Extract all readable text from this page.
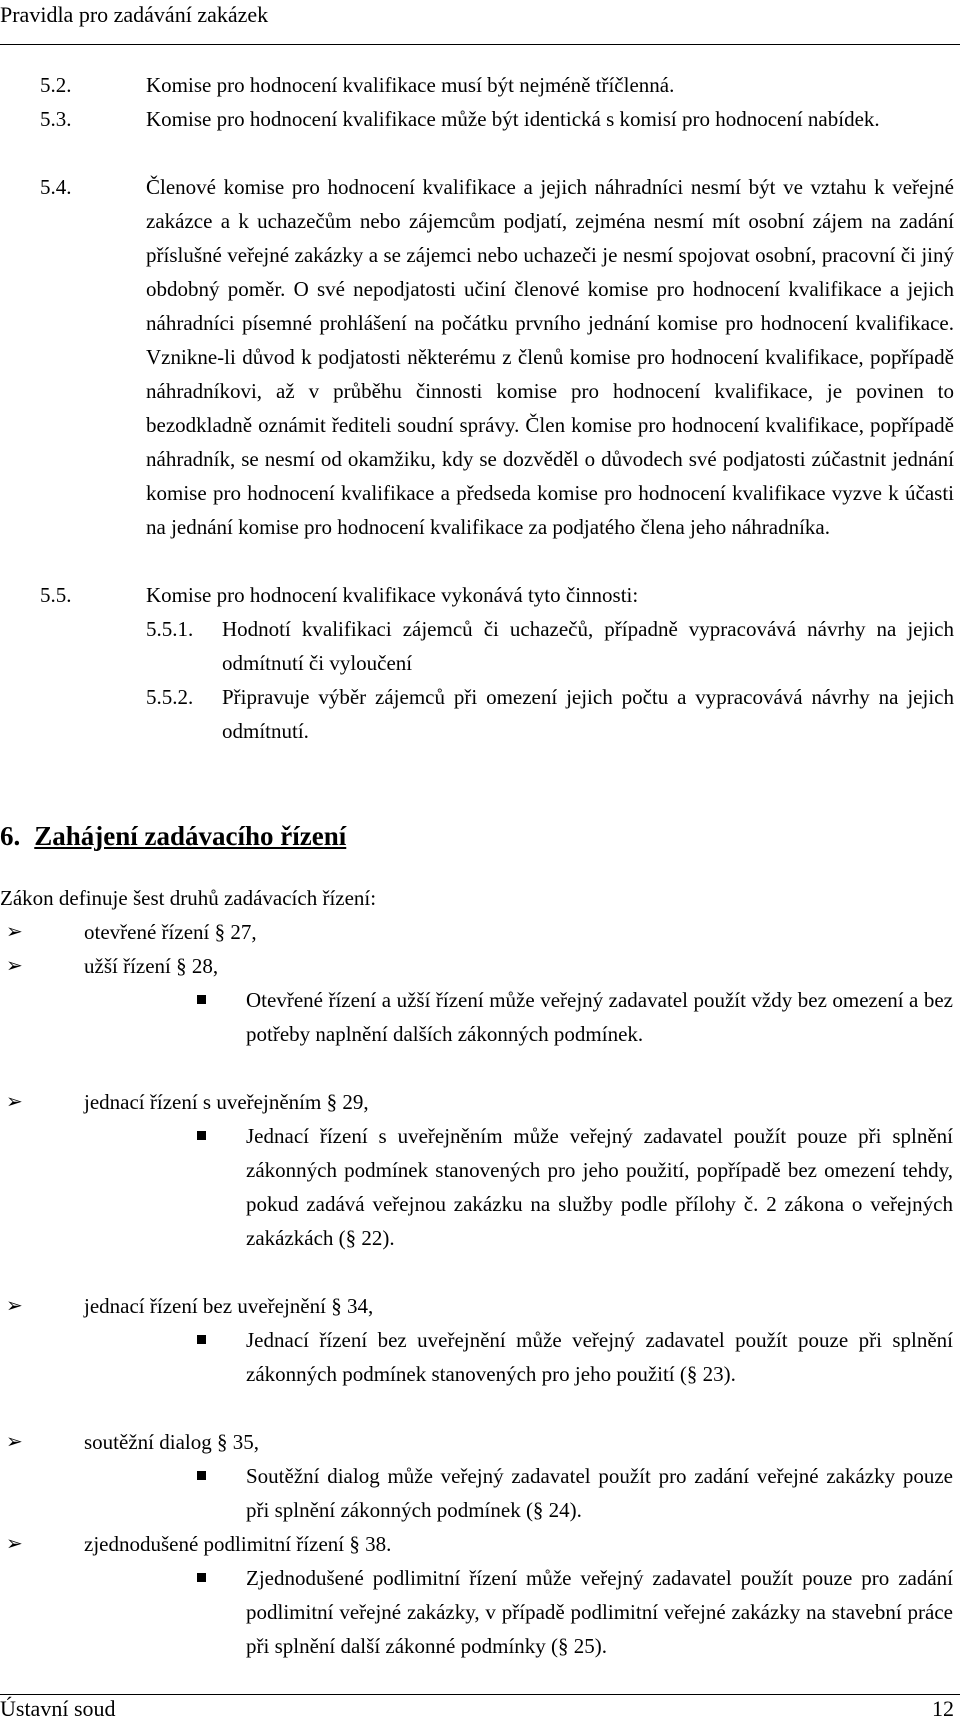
Pravidla pro zadávání zakázek
5.2.	Komise pro hodnocení kvalifikace musí být nejméně tříčlenná.
5.3.	Komise pro hodnocení kvalifikace může být identická s komisí pro hodnocení nabídek.
5.4.	Členové komise pro hodnocení kvalifikace a jejich náhradníci nesmí být ve vztahu k veřejné zakázce a k uchazečům nebo zájemcům podjatí, zejména nesmí mít osobní zájem na zadání příslušné veřejné zakázky a se zájemci nebo uchazeči je nesmí spojovat osobní, pracovní či jiný obdobný poměr. O své nepodjatosti učiní členové komise pro hodnocení kvalifikace a jejich náhradníci písemné prohlášení na počátku prvního jednání komise pro hodnocení kvalifikace. Vznikne-li důvod k podjatosti některému z členů komise pro hodnocení kvalifikace, popřípadě náhradníkovi, až v průběhu činnosti komise pro hodnocení kvalifikace, je povinen to bezodkladně oznámit řediteli soudní správy. Člen komise pro hodnocení kvalifikace, popřípadě náhradník, se nesmí od okamžiku, kdy se dozvěděl o důvodech své podjatosti zúčastnit jednání komise pro hodnocení kvalifikace a předseda komise pro hodnocení kvalifikace vyzve k účasti na jednání komise pro hodnocení kvalifikace za podjatého člena jeho náhradníka.
5.5.	Komise pro hodnocení kvalifikace vykonává tyto činnosti:
5.5.1. Hodnotí kvalifikaci zájemců či uchazečů, případně vypracovává návrhy na jejich odmítnutí či vyloučení
5.5.2. Připravuje výběr zájemců při omezení jejich počtu a vypracovává návrhy na jejich odmítnutí.
6. Zahájení zadávacího řízení
Zákon definuje šest druhů zadávacích řízení:
➢	otevřené řízení § 27,
➢	užší řízení § 28,
Otevřené řízení a užší řízení může veřejný zadavatel použít vždy bez omezení a bez potřeby naplnění dalších zákonných podmínek.
➢	jednací řízení s uveřejněním § 29,
Jednací řízení s uveřejněním může veřejný zadavatel použít pouze při splnění zákonných podmínek stanovených pro jeho použití, popřípadě bez omezení tehdy, pokud zadává veřejnou zakázku na služby podle přílohy č. 2 zákona o veřejných zakázkách (§ 22).
➢	jednací řízení bez uveřejnění § 34,
Jednací řízení bez uveřejnění může veřejný zadavatel použít pouze při splnění zákonných podmínek stanovených pro jeho použití (§ 23).
➢	soutěžní dialog § 35,
Soutěžní dialog může veřejný zadavatel použít pro zadání veřejné zakázky pouze při splnění zákonných podmínek (§ 24).
➢	zjednodušené podlimitní řízení § 38.
Zjednodušené podlimitní řízení může veřejný zadavatel použít pouze pro zadání podlimitní veřejné zakázky, v případě podlimitní veřejné zakázky na stavební práce při splnění další zákonné podmínky (§ 25).
Ústavní soud	12
